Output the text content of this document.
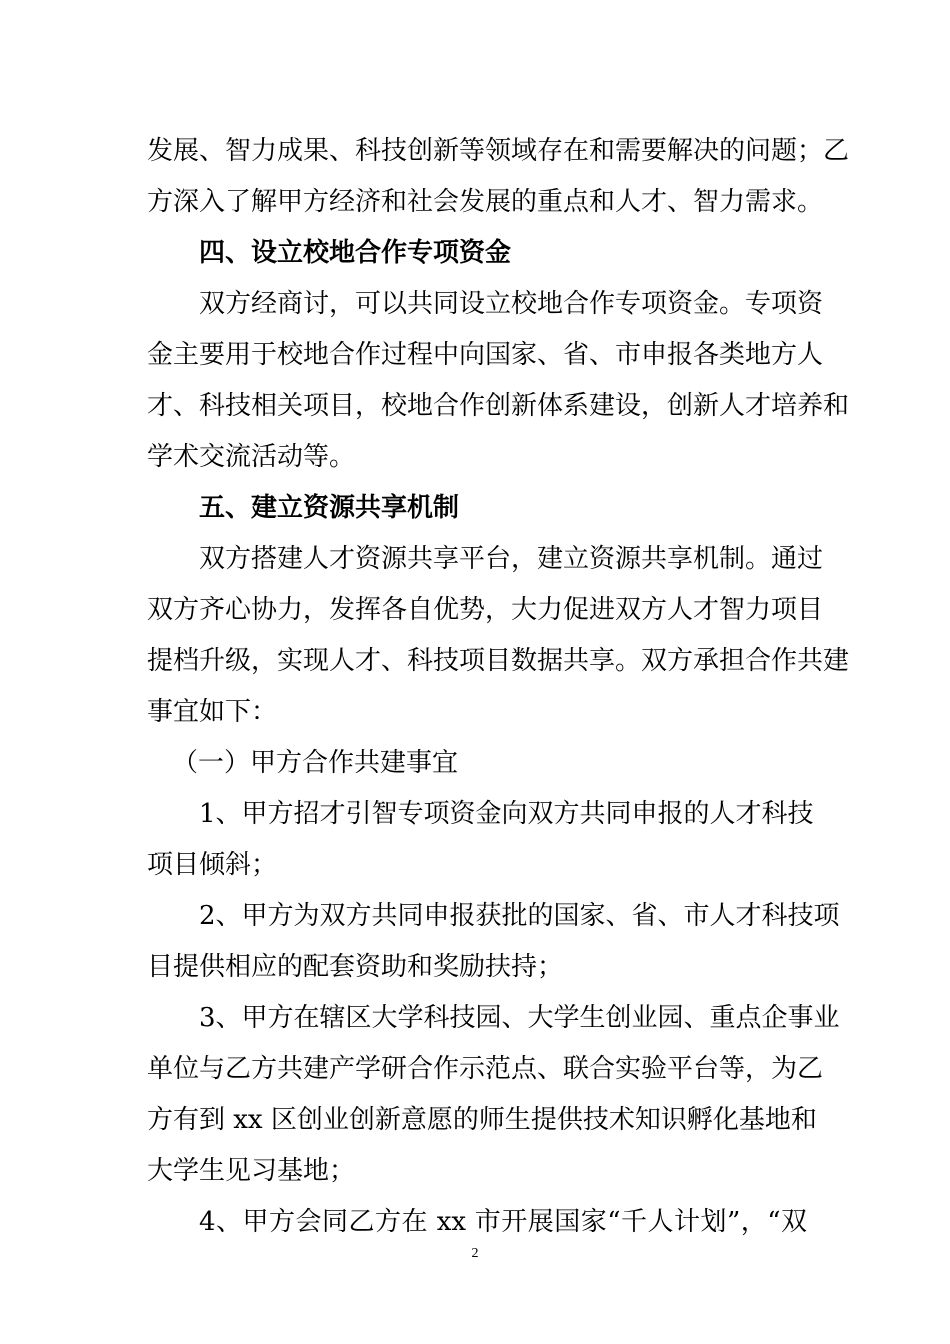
发展、智力成果、科技创新等领域存在和需要解决的问题；乙
方深入了解甲方经济和社会发展的重点和人才、智力需求。
四、设立校地合作专项资金
双方经商讨，可以共同设立校地合作专项资金。专项资
金主要用于校地合作过程中向国家、省、市申报各类地方人
才、科技相关项目，校地合作创新体系建设，创新人才培养和
学术交流活动等。
五、建立资源共享机制
双方搭建人才资源共享平台，建立资源共享机制。通过
双方齐心协力，发挥各自优势，大力促进双方人才智力项目
提档升级，实现人才、科技项目数据共享。双方承担合作共建
事宜如下：
（一）甲方合作共建事宜
1、甲方招才引智专项资金向双方共同申报的人才科技
项目倾斜；
2、甲方为双方共同申报获批的国家、省、市人才科技项
目提供相应的配套资助和奖励扶持；
3、甲方在辖区大学科技园、大学生创业园、重点企事业
单位与乙方共建产学研合作示范点、联合实验平台等，为乙
方有到 xx 区创业创新意愿的师生提供技术知识孵化基地和
大学生见习基地；
4、甲方会同乙方在 xx 市开展国家“千人计划”，“双
2
